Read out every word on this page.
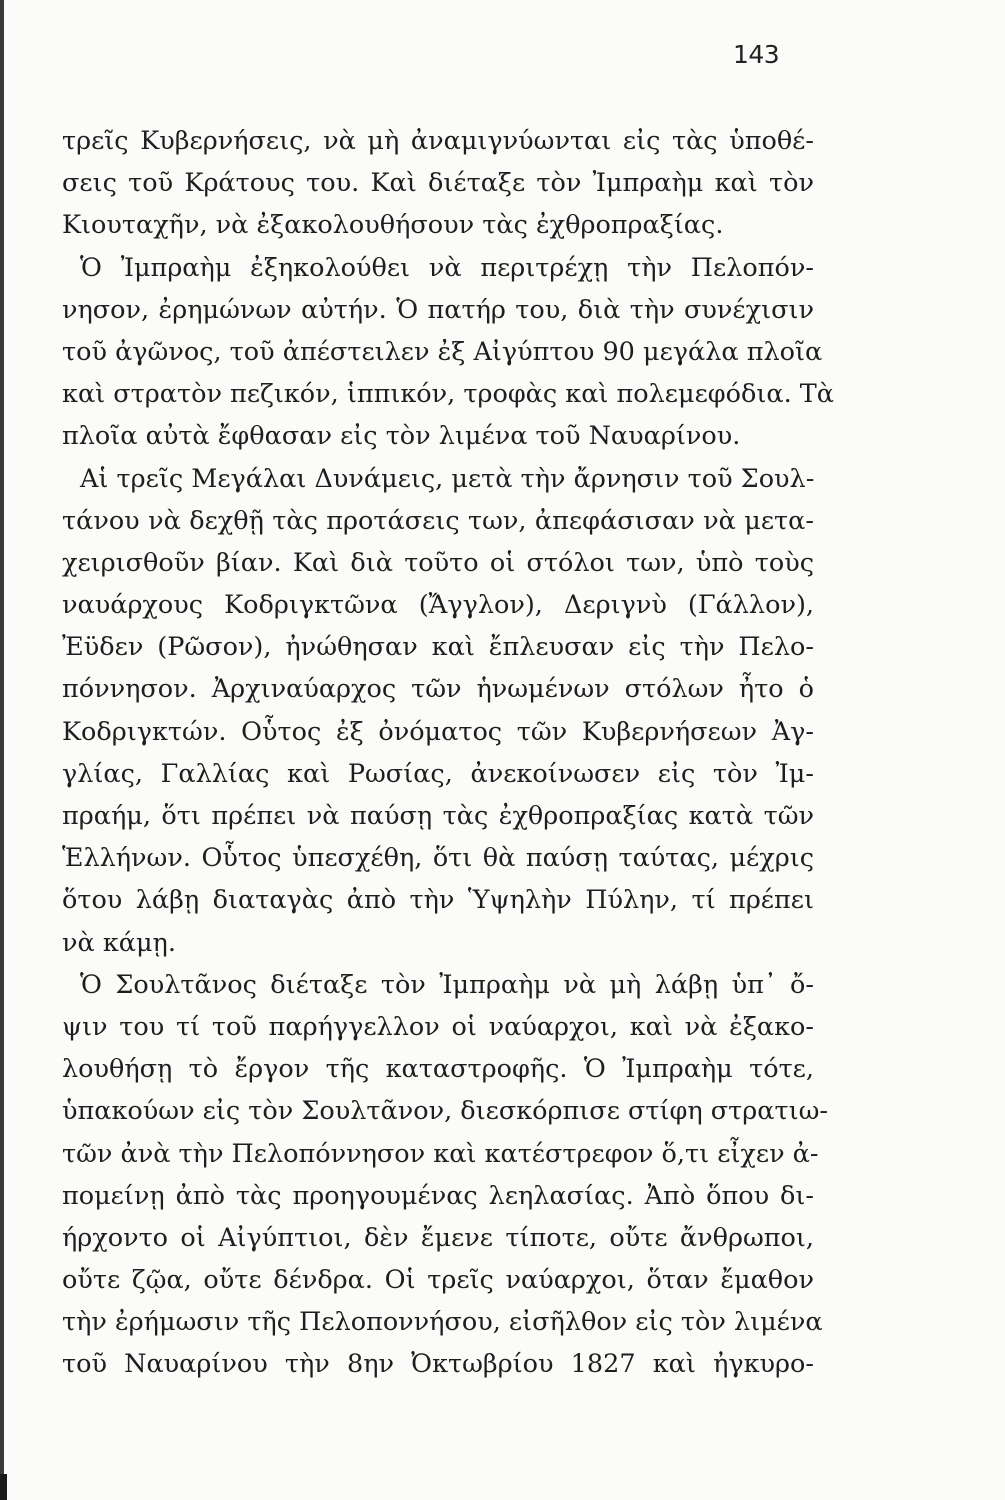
143
τρεῖς Κυβερνήσεις, νὰ μὴ ἀναμιγνύωνται εἰς τὰς ὑποθέ-
σεις τοῦ Κράτους του. Καὶ διέταξε τὸν Ἰμπραὴμ καὶ τὸν
Κιουταχῆν, νὰ ἐξακολουθήσουν τὰς ἐχθροπραξίας.
Ὁ Ἰμπραὴμ ἐξηκολούθει νὰ περιτρέχῃ τὴν Πελοπόν-
νησον, ἐρημώνων αὐτήν. Ὁ πατήρ του, διὰ τὴν συνέχισιν
τοῦ ἀγῶνος, τοῦ ἀπέστειλεν ἐξ Αἰγύπτου 90 μεγάλα πλοῖα
καὶ στρατὸν πεζικόν, ἱππικόν, τροφὰς καὶ πολεμεφόδια. Τὰ
πλοῖα αὐτὰ ἔφθασαν εἰς τὸν λιμένα τοῦ Ναυαρίνου.
Αἱ τρεῖς Μεγάλαι Δυνάμεις, μετὰ τὴν ἄρνησιν τοῦ Σουλ-
τάνου νὰ δεχθῇ τὰς προτάσεις των, ἀπεφάσισαν νὰ μετα-
χειρισθοῦν βίαν. Καὶ διὰ τοῦτο οἱ στόλοι των, ὑπὸ τοὺς
ναυάρχους Κοδριγκτῶνα (Ἄγγλον), Δεριγνὺ (Γάλλον),
Ἐϋδεν (Ρῶσον), ἠνώθησαν καὶ ἔπλευσαν εἰς τὴν Πελο-
πόννησον. Ἀρχιναύαρχος τῶν ἡνωμένων στόλων ἦτο ὁ
Κοδριγκτών. Οὗτος ἐξ ὀνόματος τῶν Κυβερνήσεων Ἀγ-
γλίας, Γαλλίας καὶ Ρωσίας, ἀνεκοίνωσεν εἰς τὸν Ἰμ-
πραήμ, ὅτι πρέπει νὰ παύσῃ τὰς ἐχθροπραξίας κατὰ τῶν
Ἑλλήνων. Οὗτος ὑπεσχέθη, ὅτι θὰ παύσῃ ταύτας, μέχρις
ὅτου λάβῃ διαταγὰς ἀπὸ τὴν Ὑψηλὴν Πύλην, τί πρέπει
νὰ κάμῃ.
Ὁ Σουλτᾶνος διέταξε τὸν Ἰμπραὴμ νὰ μὴ λάβῃ ὑπ᾿ ὄ-
ψιν του τί τοῦ παρήγγελλον οἱ ναύαρχοι, καὶ νὰ ἐξακο-
λουθήσῃ τὸ ἔργον τῆς καταστροφῆς. Ὁ Ἰμπραὴμ τότε,
ὑπακούων εἰς τὸν Σουλτᾶνον, διεσκόρπισε στίφη στρατιω-
τῶν ἀνὰ τὴν Πελοπόννησον καὶ κατέστρεφον ὅ,τι εἶχεν ἀ-
πομείνῃ ἀπὸ τὰς προηγουμένας λεηλασίας. Ἀπὸ ὅπου δι-
ήρχοντο οἱ Αἰγύπτιοι, δὲν ἔμενε τίποτε, οὔτε ἄνθρωποι,
οὔτε ζῷα, οὔτε δένδρα. Οἱ τρεῖς ναύαρχοι, ὅταν ἔμαθον
τὴν ἐρήμωσιν τῆς Πελοποννήσου, εἰσῆλθον εἰς τὸν λιμένα
τοῦ Ναυαρίνου τὴν 8ην Ὀκτωβρίου 1827 καὶ ἠγκυρο-
